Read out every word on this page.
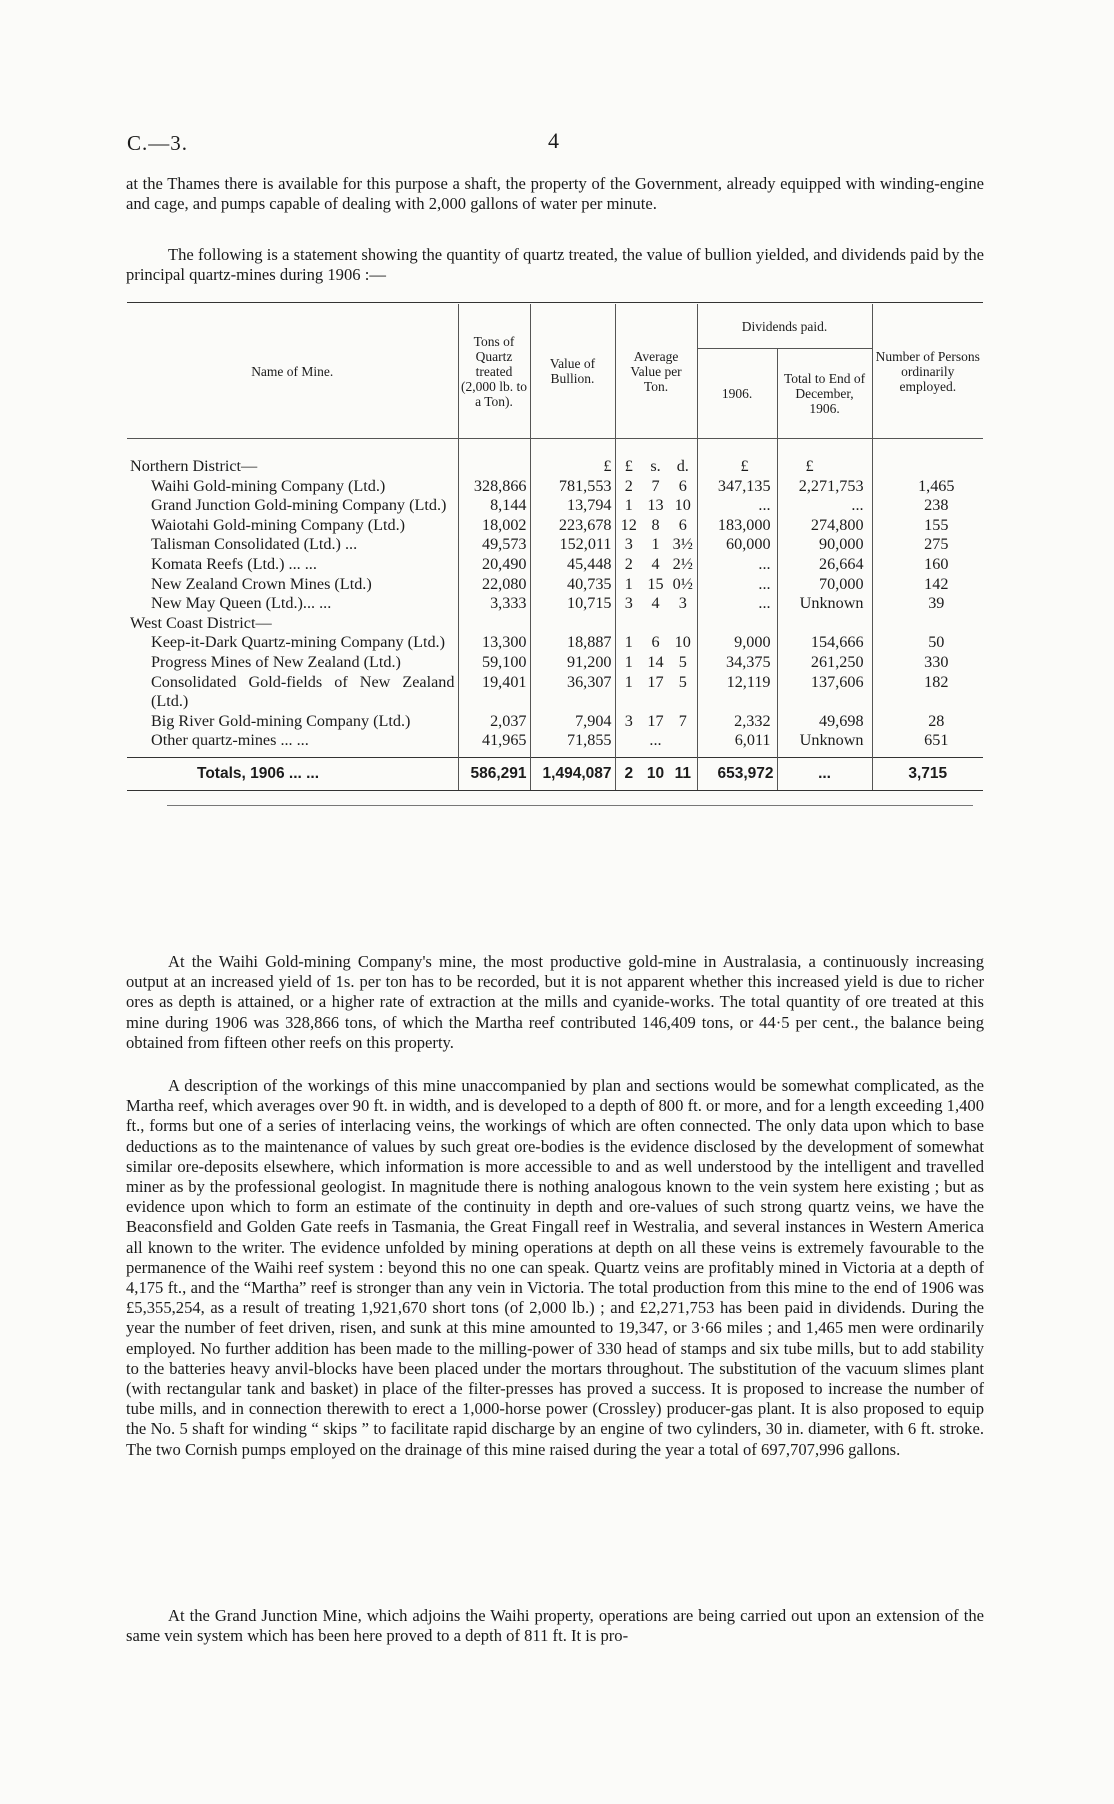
C.—3.	4

at the Thames there is available for this purpose a shaft, the property of the Government, already equipped with winding-engine and cage, and pumps capable of dealing with 2,000 gallons of water per minute.

The following is a statement showing the quantity of quartz treated, the value of bullion yielded, and dividends paid by the principal quartz-mines during 1906 :—

Name of Mine.	Tons of Quartz treated (2,000 lb. to a Ton).	Value of Bullion.	Average Value per Ton.			Dividends paid.		Number of Persons ordinarily employed.
						1906.	Total to End of December, 1906.	
Northern District—		£	£	s.	d.	£	£	
Waihi Gold-mining Company (Ltd.)	328,866	781,553	2	7	6	347,135	2,271,753	1,465
Grand Junction Gold-mining Company (Ltd.)	8,144	13,794	1	13	10	...	...	238
Waiotahi Gold-mining Company (Ltd.)	18,002	223,678	12	8	6	183,000	274,800	155
Talisman Consolidated (Ltd.) ...	49,573	152,011	3	1	3½	60,000	90,000	275
Komata Reefs (Ltd.) ... ...	20,490	45,448	2	4	2½	...	26,664	160
New Zealand Crown Mines (Ltd.)	22,080	40,735	1	15	0½	...	70,000	142
New May Queen (Ltd.)... ...	3,333	10,715	3	4	3	...	Unknown	39
West Coast District—								
Keep-it-Dark Quartz-mining Company (Ltd.)	13,300	18,887	1	6	10	9,000	154,666	50
Progress Mines of New Zealand (Ltd.)	59,100	91,200	1	14	5	34,375	261,250	330
Consolidated Gold-fields of New Zealand (Ltd.)	19,401	36,307	1	17	5	12,119	137,606	182
Big River Gold-mining Company (Ltd.)	2,037	7,904	3	17	7	2,332	49,698	28
Other quartz-mines ... ...	41,965	71,855		...		6,011	Unknown	651

Totals, 1906 ... ...	586,291	1,494,087	2	10	11	653,972	...	3,715

At the Waihi Gold-mining Company's mine, the most productive gold-mine in Australasia, a continuously increasing output at an increased yield of 1s. per ton has to be recorded, but it is not apparent whether this increased yield is due to richer ores as depth is attained, or a higher rate of extraction at the mills and cyanide-works. The total quantity of ore treated at this mine during 1906 was 328,866 tons, of which the Martha reef contributed 146,409 tons, or 44·5 per cent., the balance being obtained from fifteen other reefs on this property.

A description of the workings of this mine unaccompanied by plan and sections would be somewhat complicated, as the Martha reef, which averages over 90 ft. in width, and is developed to a depth of 800 ft. or more, and for a length exceeding 1,400 ft., forms but one of a series of interlacing veins, the workings of which are often connected. The only data upon which to base deductions as to the maintenance of values by such great ore-bodies is the evidence disclosed by the development of somewhat similar ore-deposits elsewhere, which information is more accessible to and as well understood by the intelligent and travelled miner as by the professional geologist. In magnitude there is nothing analogous known to the vein system here existing ; but as evidence upon which to form an estimate of the continuity in depth and ore-values of such strong quartz veins, we have the Beaconsfield and Golden Gate reefs in Tasmania, the Great Fingall reef in Westralia, and several instances in Western America all known to the writer. The evidence unfolded by mining operations at depth on all these veins is extremely favourable to the permanence of the Waihi reef system : beyond this no one can speak. Quartz veins are profitably mined in Victoria at a depth of 4,175 ft., and the “Martha” reef is stronger than any vein in Victoria. The total production from this mine to the end of 1906 was £5,355,254, as a result of treating 1,921,670 short tons (of 2,000 lb.) ; and £2,271,753 has been paid in dividends. During the year the number of feet driven, risen, and sunk at this mine amounted to 19,347, or 3·66 miles ; and 1,465 men were ordinarily employed. No further addition has been made to the milling-power of 330 head of stamps and six tube mills, but to add stability to the batteries heavy anvil-blocks have been placed under the mortars throughout. The substitution of the vacuum slimes plant (with rectangular tank and basket) in place of the filter-presses has proved a success. It is proposed to increase the number of tube mills, and in connection therewith to erect a 1,000-horse power (Crossley) producer-gas plant. It is also proposed to equip the No. 5 shaft for winding “ skips ” to facilitate rapid discharge by an engine of two cylinders, 30 in. diameter, with 6 ft. stroke. The two Cornish pumps employed on the drainage of this mine raised during the year a total of 697,707,996 gallons.

At the Grand Junction Mine, which adjoins the Waihi property, operations are being carried out upon an extension of the same vein system which has been here proved to a depth of 811 ft. It is pro-
